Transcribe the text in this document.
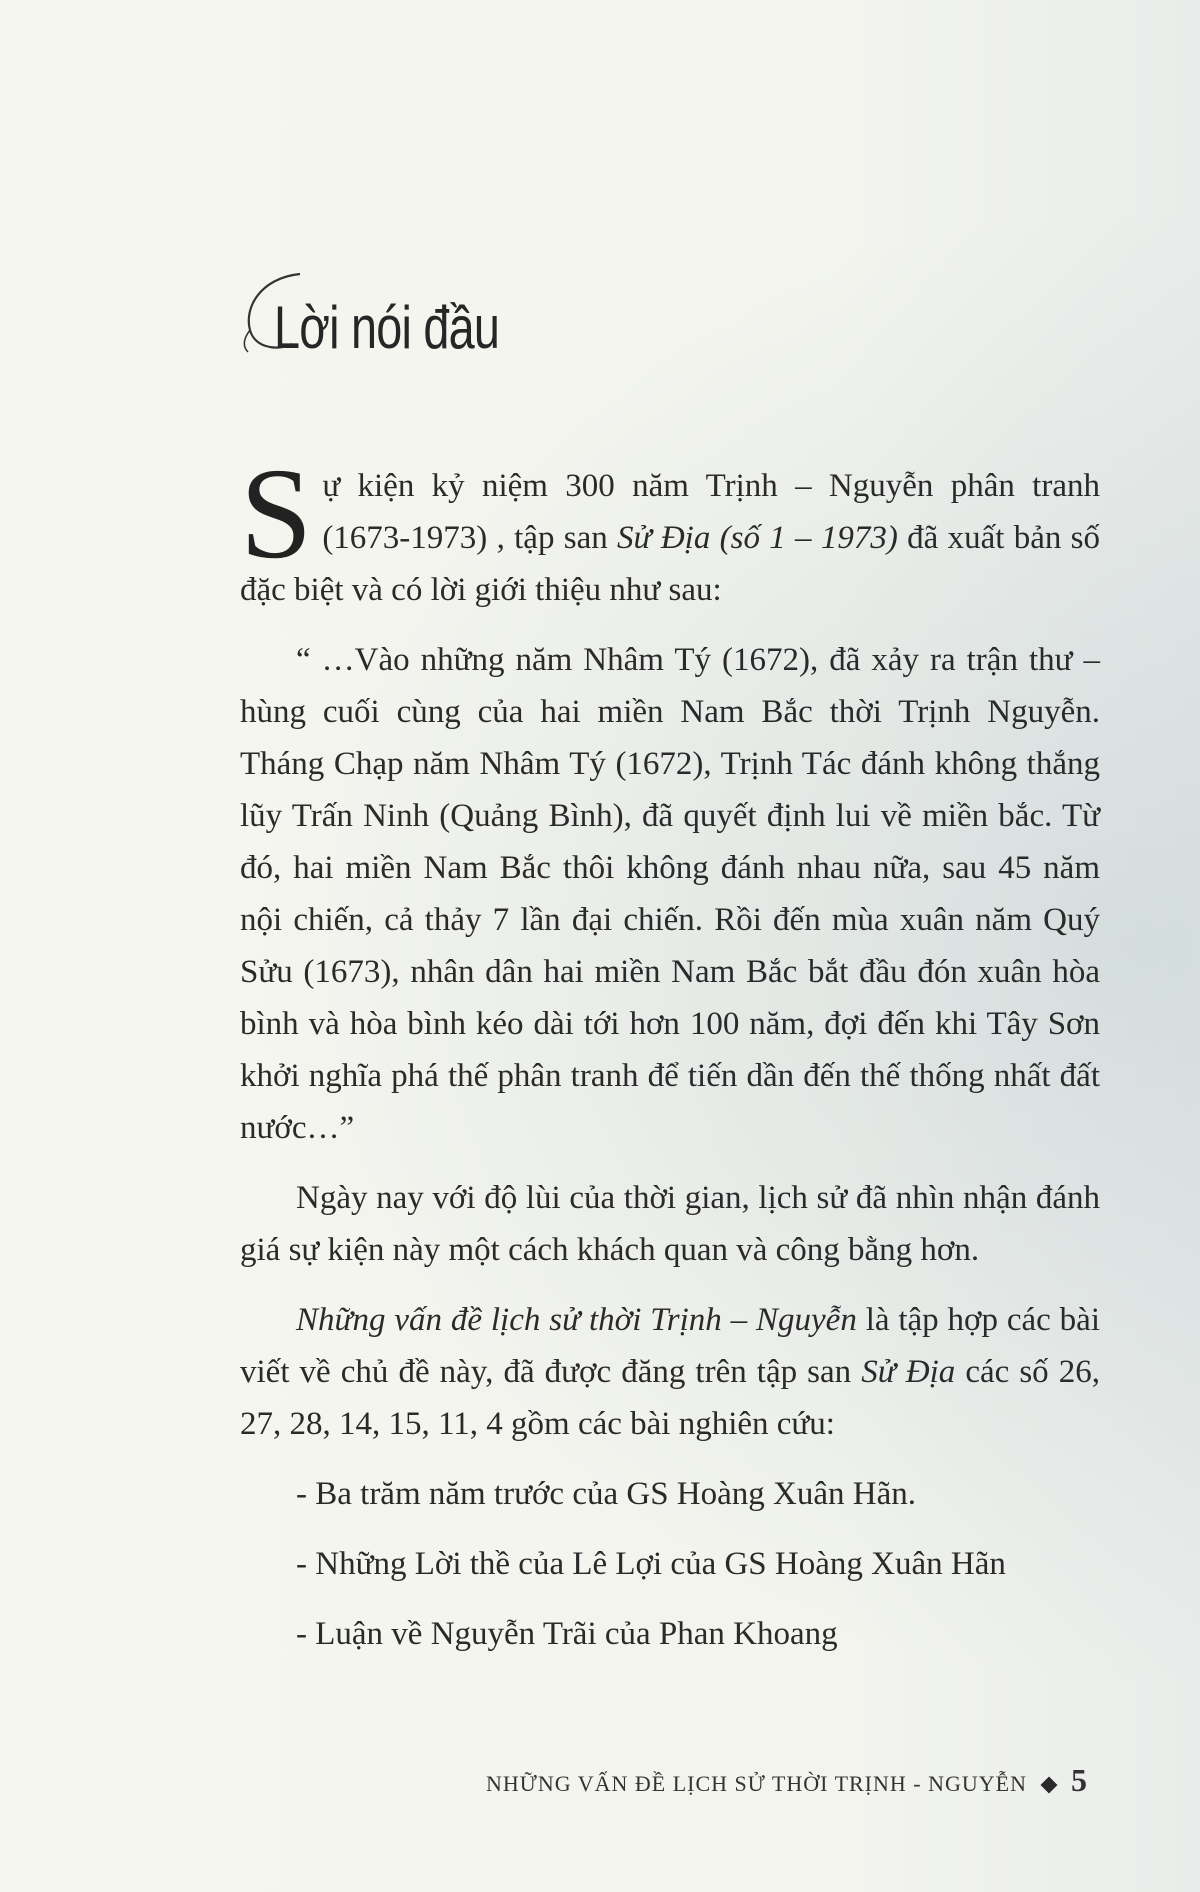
Lời nói đầu

Sự kiện kỷ niệm 300 năm Trịnh – Nguyễn phân tranh (1673-1973) , tập san Sử Địa (số 1 – 1973) đã xuất bản số đặc biệt và có lời giới thiệu như sau:

“ …Vào những năm Nhâm Tý (1672), đã xảy ra trận thư – hùng cuối cùng của hai miền Nam Bắc thời Trịnh Nguyễn. Tháng Chạp năm Nhâm Tý (1672), Trịnh Tác đánh không thắng lũy Trấn Ninh (Quảng Bình), đã quyết định lui về miền bắc. Từ đó, hai miền Nam Bắc thôi không đánh nhau nữa, sau 45 năm nội chiến, cả thảy 7 lần đại chiến. Rồi đến mùa xuân năm Quý Sửu (1673), nhân dân hai miền Nam Bắc bắt đầu đón xuân hòa bình và hòa bình kéo dài tới hơn 100 năm, đợi đến khi Tây Sơn khởi nghĩa phá thế phân tranh để tiến dần đến thế thống nhất đất nước…”

Ngày nay với độ lùi của thời gian, lịch sử đã nhìn nhận đánh giá sự kiện này một cách khách quan và công bằng hơn.

Những vấn đề lịch sử thời Trịnh – Nguyễn là tập hợp các bài viết về chủ đề này, đã được đăng trên tập san Sử Địa các số 26, 27, 28, 14, 15, 11, 4 gồm các bài nghiên cứu:

- Ba trăm năm trước của GS Hoàng Xuân Hãn.
- Những Lời thề của Lê Lợi của GS Hoàng Xuân Hãn
- Luận về Nguyễn Trãi của Phan Khoang
NHỮNG VẤN ĐỀ LỊCH SỬ THỜI TRỊNH - NGUYỄN 5
